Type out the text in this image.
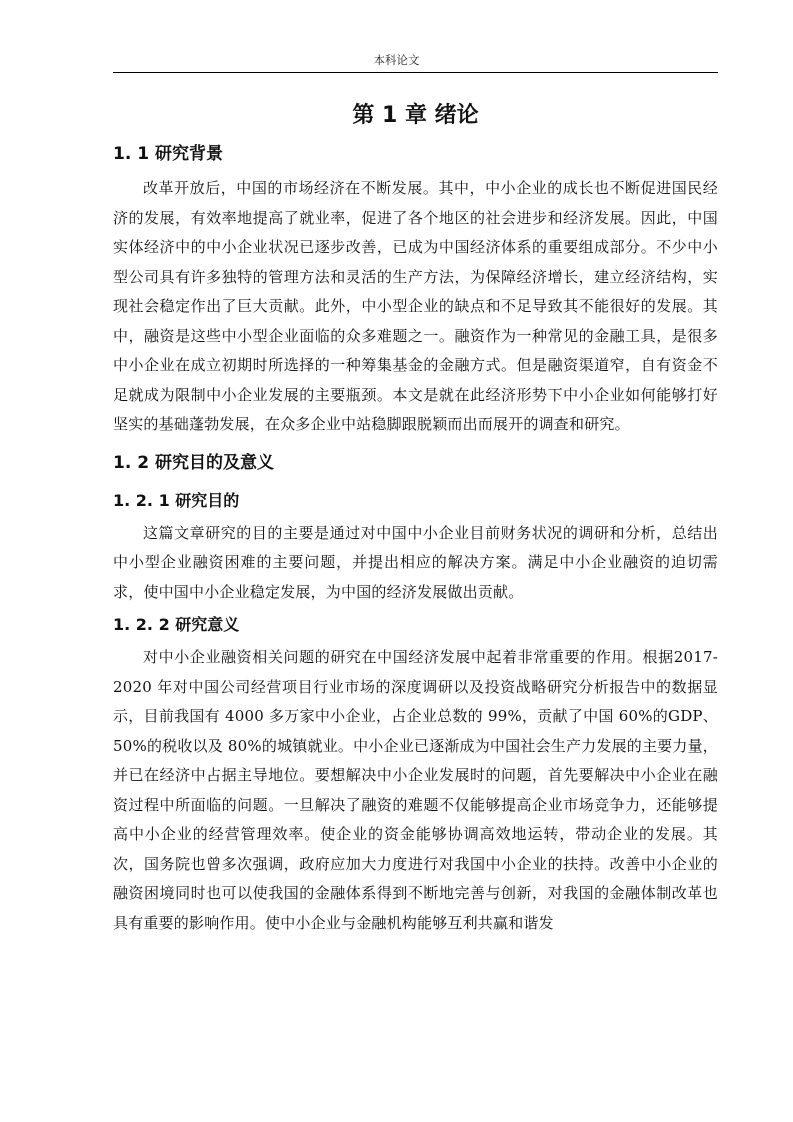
本科论文
第 1 章 绪论
1. 1 研究背景

改革开放后，中国的市场经济在不断发展。其中，中小企业的成长也不断促进国民经济的发展，有效率地提高了就业率，促进了各个地区的社会进步和经济发展。因此，中国实体经济中的中小企业状况已逐步改善，已成为中国经济体系的重要组成部分。不少中小型公司具有许多独特的管理方法和灵活的生产方法，为保障经济增长，建立经济结构，实现社会稳定作出了巨大贡献。此外，中小型企业的缺点和不足导致其不能很好的发展。其中，融资是这些中小型企业面临的众多难题之一。融资作为一种常见的金融工具，是很多中小企业在成立初期时所选择的一种筹集基金的金融方式。但是融资渠道窄，自有资金不足就成为限制中小企业发展的主要瓶颈。本文是就在此经济形势下中小企业如何能够打好坚实的基础蓬勃发展，在众多企业中站稳脚跟脱颖而出而展开的调查和研究。

1. 2 研究目的及意义
1. 2. 1 研究目的

这篇文章研究的目的主要是通过对中国中小企业目前财务状况的调研和分析，总结出中小型企业融资困难的主要问题，并提出相应的解决方案。满足中小企业融资的迫切需求，使中国中小企业稳定发展，为中国的经济发展做出贡献。

1. 2. 2 研究意义

对中小企业融资相关问题的研究在中国经济发展中起着非常重要的作用。根据2017-2020 年对中国公司经营项目行业市场的深度调研以及投资战略研究分析报告中的数据显示，目前我国有 4000 多万家中小企业，占企业总数的 99%，贡献了中国 60%的GDP、50%的税收以及 80%的城镇就业。中小企业已逐渐成为中国社会生产力发展的主要力量，并已在经济中占据主导地位。要想解决中小企业发展时的问题，首先要解决中小企业在融资过程中所面临的问题。一旦解决了融资的难题不仅能够提高企业市场竞争力，还能够提高中小企业的经营管理效率。使企业的资金能够协调高效地运转，带动企业的发展。其次，国务院也曾多次强调，政府应加大力度进行对我国中小企业的扶持。改善中小企业的融资困境同时也可以使我国的金融体系得到不断地完善与创新，对我国的金融体制改革也具有重要的影响作用。使中小企业与金融机构能够互利共赢和谐发
